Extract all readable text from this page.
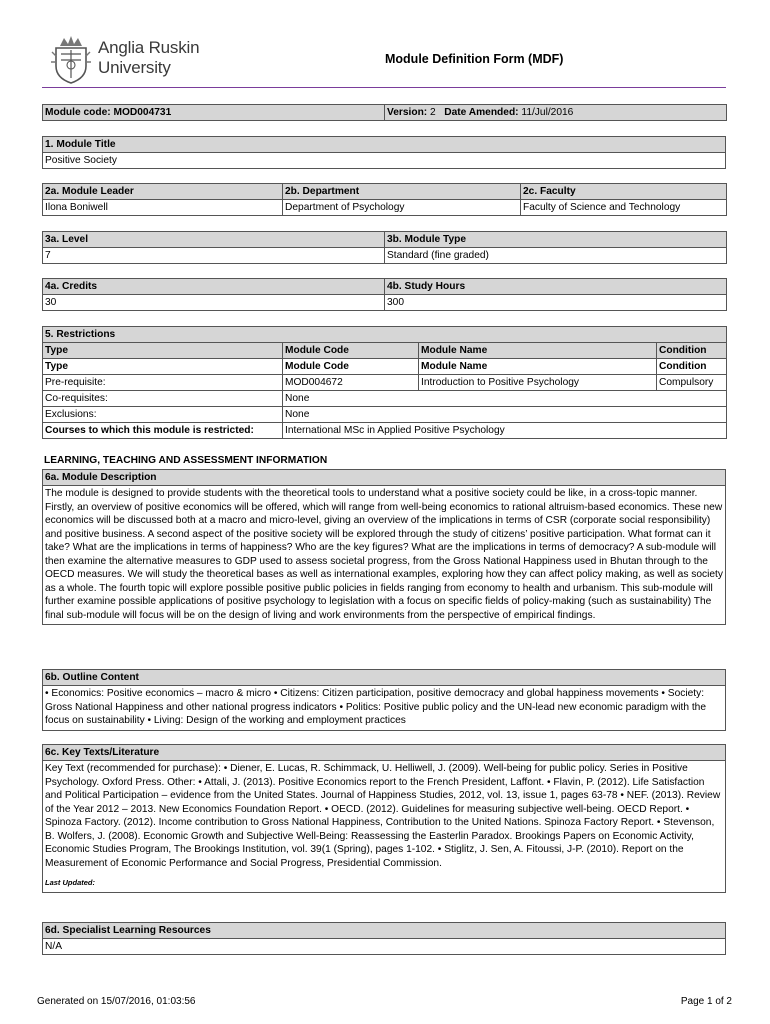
Anglia Ruskin
University	Module Definition Form (MDF)
Module code: MOD004731	Version: 2 Date Amended: 11/Jul/2016
1. Module Title
Positive Society
2a. Module Leader	2b. Department	2c. Faculty
Ilona Boniwell	Department of Psychology	Faculty of Science and Technology
3a. Level	3b. Module Type
7	Standard (fine graded)
4a. Credits	4b. Study Hours
30	300
5. Restrictions			
Type	Module Code	Module Name	Condition
Type	Module Code	Module Name	Condition
Pre-requisite:	MOD004672	Introduction to Positive Psychology	Compulsory
Co-requisites:	None		
Exclusions:	None		
Courses to which this module is restricted:	International MSc in Applied Positive Psychology		
LEARNING, TEACHING AND ASSESSMENT INFORMATION
6a. Module Description
The module is designed to provide students with the theoretical tools to understand what a positive society could be like, in a cross-topic manner. Firstly, an overview of positive economics will be offered, which will range from well-being economics to rational altruism-based economics. These new economics will be discussed both at a macro and micro-level, giving an overview of the implications in terms of CSR (corporate social responsibility) and positive business. A second aspect of the positive society will be explored through the study of citizens’ positive participation. What format can it take? What are the implications in terms of happiness? Who are the key figures? What are the implications in terms of democracy? A sub-module will then examine the alternative measures to GDP used to assess societal progress, from the Gross National Happiness used in Bhutan through to the OECD measures. We will study the theoretical bases as well as international examples, exploring how they can affect policy making, as well as society as a whole. The fourth topic will explore possible positive public policies in fields ranging from economy to health and urbanism. This sub-module will further examine possible applications of positive psychology to legislation with a focus on specific fields of policy-making (such as sustainability) The final sub-module will focus will be on the design of living and work environments from the perspective of empirical findings.
6b. Outline Content
• Economics: Positive economics – macro & micro • Citizens: Citizen participation, positive democracy and global happiness movements • Society: Gross National Happiness and other national progress indicators • Politics: Positive public policy and the UN-lead new economic paradigm with the focus on sustainability • Living: Design of the working and employment practices
6c. Key Texts/Literature
Key Text (recommended for purchase): • Diener, E. Lucas, R. Schimmack, U. Helliwell, J. (2009). Well-being for public policy. Series in Positive Psychology. Oxford Press. Other: • Attali, J. (2013). Positive Economics report to the French President, Laffont. • Flavin, P. (2012). Life Satisfaction and Political Participation – evidence from the United States. Journal of Happiness Studies, 2012, vol. 13, issue 1, pages 63-78 • NEF. (2013). Review of the Year 2012 – 2013. New Economics Foundation Report. • OECD. (2012). Guidelines for measuring subjective well-being. OECD Report. • Spinoza Factory. (2012). Income contribution to Gross National Happiness, Contribution to the United Nations. Spinoza Factory Report. • Stevenson, B. Wolfers, J. (2008). Economic Growth and Subjective Well-Being: Reassessing the Easterlin Paradox. Brookings Papers on Economic Activity, Economic Studies Program, The Brookings Institution, vol. 39(1 (Spring), pages 1-102. • Stiglitz, J. Sen, A. Fitoussi, J-P. (2010). Report on the Measurement of Economic Performance and Social Progress, Presidential Commission.
Last Updated:
6d. Specialist Learning Resources
N/A
Generated on 15/07/2016, 01:03:56	Page 1 of 2
